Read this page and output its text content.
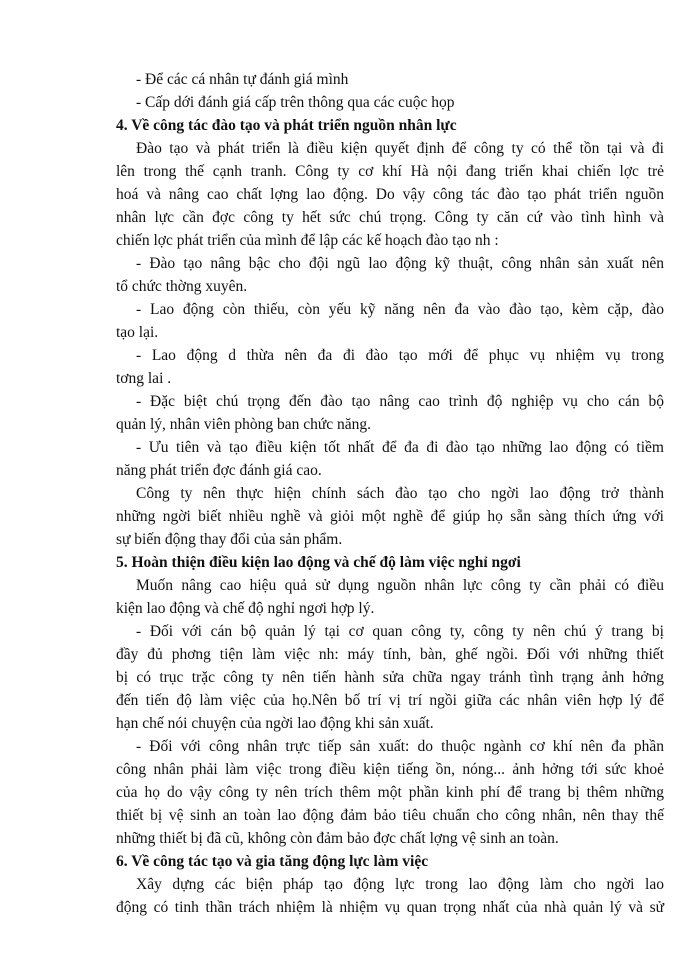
- Để các cá nhân tự đánh giá mình
- Cấp dới đánh giá cấp trên thông qua các cuộc họp
4. Về công tác đào tạo và phát triển nguồn nhân lực
Đào tạo và phát triển là điều kiện quyết định để công ty có thể tồn tại và đi
lên trong thế cạnh tranh. Công ty cơ khí Hà nội đang triển khai chiến lợc trẻ
hoá và nâng cao chất lợng lao động. Do vậy công tác đào tạo phát triển nguồn
nhân lực cần đợc công ty hết sức chú trọng. Công ty căn cứ vào tình hình và
chiến lợc phát triển của mình để lập các kế hoạch đào tạo nh :
- Đào tạo nâng bậc cho đội ngũ lao động kỹ thuật, công nhân sản xuất nên
tổ chức thờng xuyên.
- Lao động còn thiếu, còn yếu kỹ năng nên đa vào đào tạo, kèm cặp, đào
tạo lại.
- Lao động d thừa nên đa đi đào tạo mới để phục vụ nhiệm vụ trong
tơng lai .
- Đặc biệt chú trọng đến đào tạo nâng cao trình độ nghiệp vụ cho cán bộ
quản lý, nhân viên phòng ban chức năng.
- Ưu tiên và tạo điều kiện tốt nhất để đa đi đào tạo những lao động có tiềm
năng phát triển đợc đánh giá cao.
Công ty nên thực hiện chính sách đào tạo cho ngời lao động trở thành
những ngời biết nhiều nghề và giỏi một nghề để giúp họ sẵn sàng thích ứng với
sự biến động thay đổi của sản phẩm.
5. Hoàn thiện điều kiện lao động và chế độ làm việc nghỉ ngơi
Muốn nâng cao hiệu quả sử dụng nguồn nhân lực công ty cần phải có điều
kiện lao động và chế độ nghỉ ngơi hợp lý.
- Đối với cán bộ quản lý tại cơ quan công ty, công ty nên chú ý trang bị
đầy đủ phơng tiện làm việc nh: máy tính, bàn, ghế ngồi. Đối với những thiết
bị có trục trặc công ty nên tiến hành sửa chữa ngay tránh tình trạng ảnh hởng
đến tiến độ làm việc của họ.Nên bố trí vị trí ngồi giữa các nhân viên hợp lý để
hạn chế nói chuyện của ngời lao động khi sản xuất.
- Đối với công nhân trực tiếp sản xuất: do thuộc ngành cơ khí nên đa phần
công nhân phải làm việc trong điều kiện tiếng ồn, nóng... ảnh hởng tới sức khoẻ
của họ do vậy công ty nên trích thêm một phần kinh phí để trang bị thêm những
thiết bị vệ sinh an toàn lao động đảm bảo tiêu chuẩn cho công nhân, nên thay thế
những thiết bị đã cũ, không còn đảm bảo đợc chất lợng vệ sinh an toàn.
6. Về công tác tạo và gia tăng động lực làm việc
Xây dựng các biện pháp tạo động lực trong lao động làm cho ngời lao
động có tinh thần trách nhiệm là nhiệm vụ quan trọng nhất của nhà quản lý và sử
